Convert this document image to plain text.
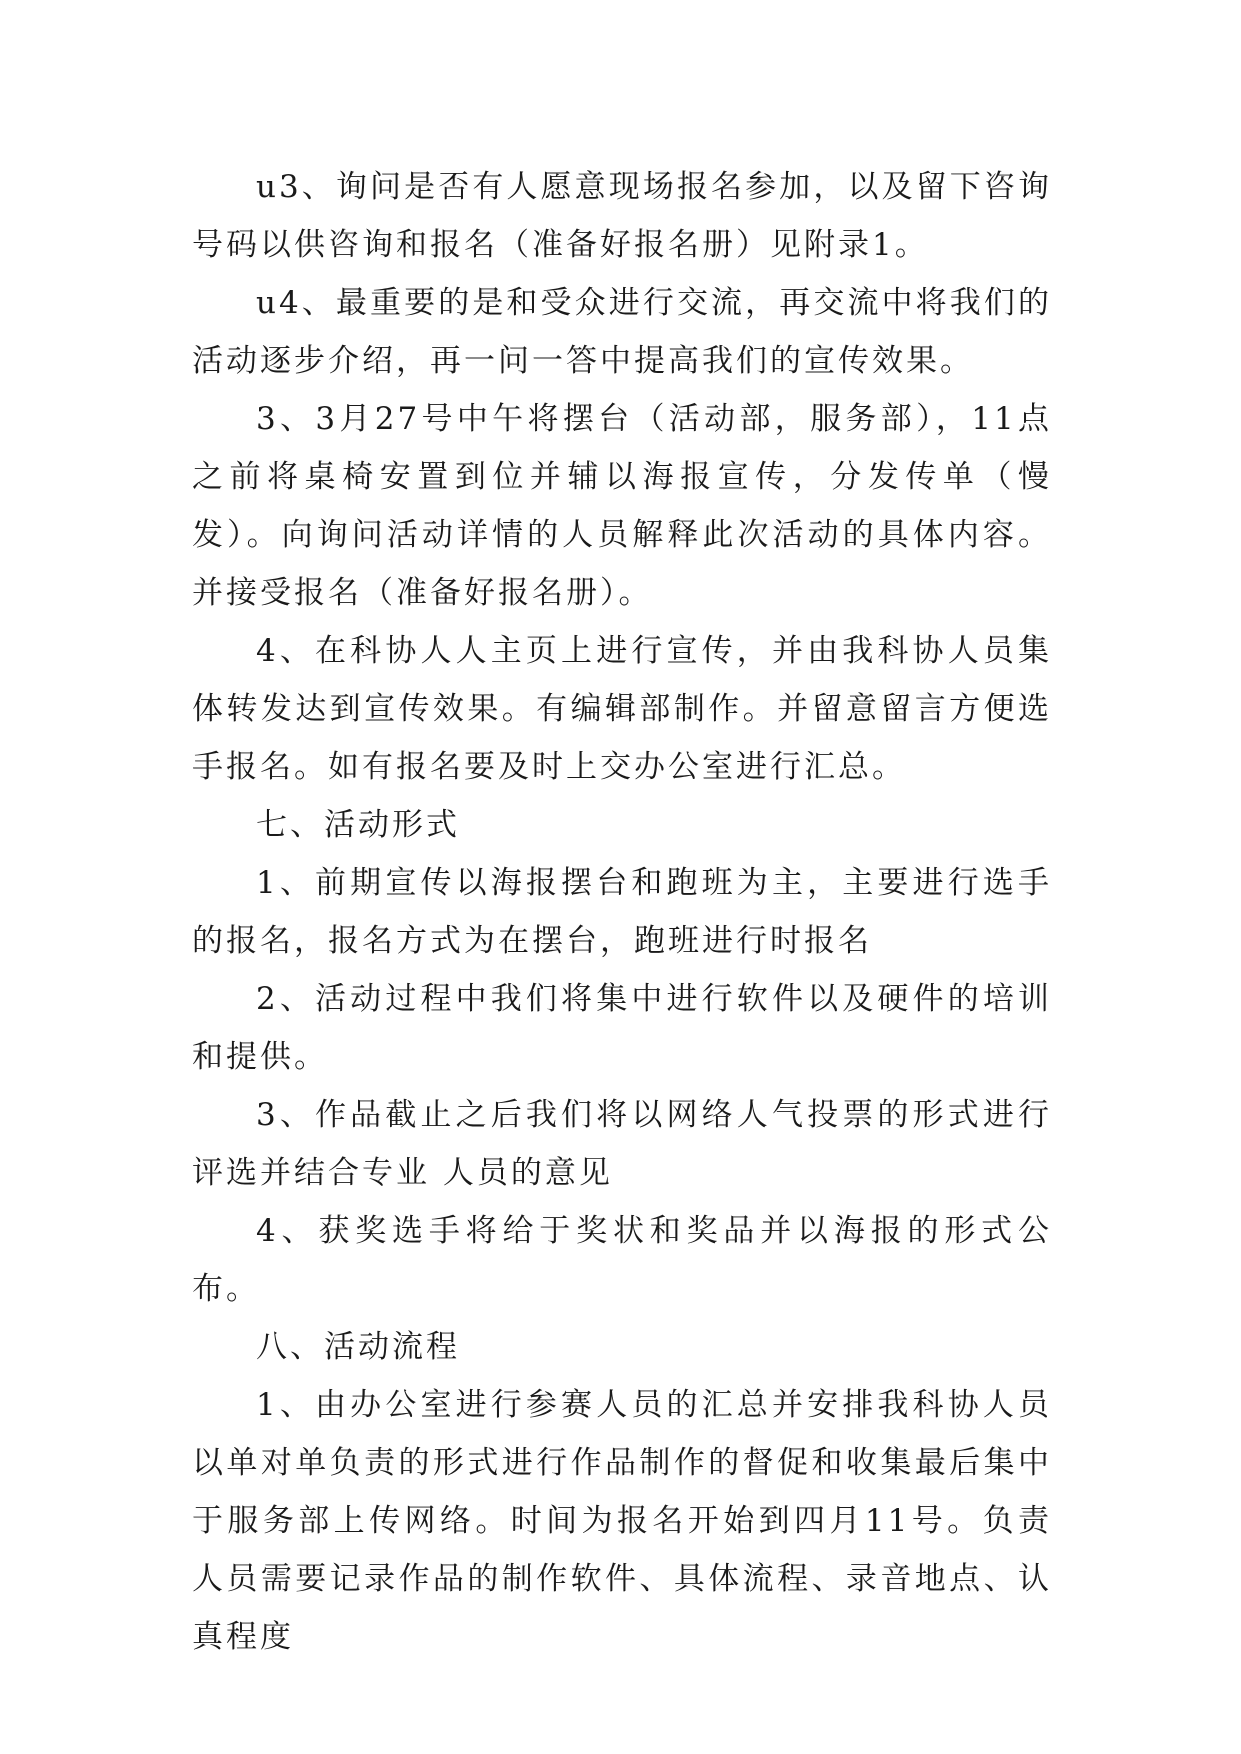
u3、询问是否有人愿意现场报名参加，以及留下咨询号码以供咨询和报名（准备好报名册）见附录1。

u4、最重要的是和受众进行交流，再交流中将我们的活动逐步介绍，再一问一答中提高我们的宣传效果。

3、3月27号中午将摆台（活动部，服务部），11点之前将桌椅安置到位并辅以海报宣传，分发传单（慢发）。向询问活动详情的人员解释此次活动的具体内容。并接受报名（准备好报名册）。

4、在科协人人主页上进行宣传，并由我科协人员集体转发达到宣传效果。有编辑部制作。并留意留言方便选手报名。如有报名要及时上交办公室进行汇总。

七、活动形式

1、前期宣传以海报摆台和跑班为主，主要进行选手的报名，报名方式为在摆台，跑班进行时报名

2、活动过程中我们将集中进行软件以及硬件的培训和提供。

3、作品截止之后我们将以网络人气投票的形式进行评选并结合专业 人员的意见

4、获奖选手将给于奖状和奖品并以海报的形式公布。

八、活动流程

1、由办公室进行参赛人员的汇总并安排我科协人员以单对单负责的形式进行作品制作的督促和收集最后集中于服务部上传网络。时间为报名开始到四月11号。负责人员需要记录作品的制作软件、具体流程、录音地点、认真程度
